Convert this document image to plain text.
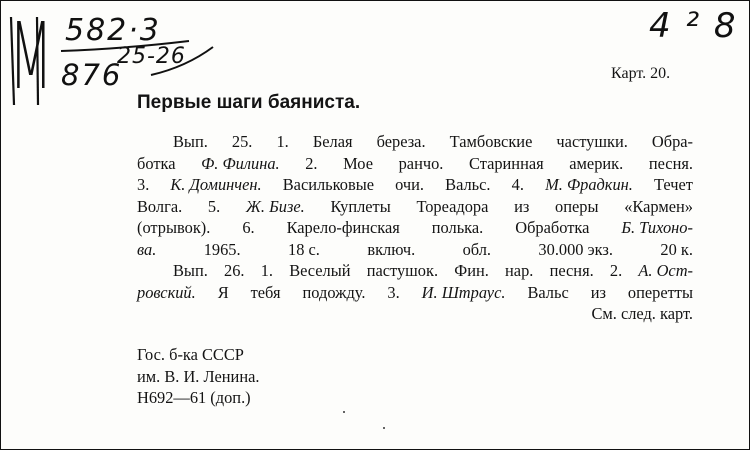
М 582·3
25-26
876
4 ² 8
Карт. 20.
Первые шаги баяниста.
Вып. 25. 1. Белая береза. Тамбовские частушки. Обра-
ботка Ф. Филина. 2. Мое ранчо. Старинная америк. песня.
3. К. Доминчен. Васильковые очи. Вальс. 4. М. Фрадкин. Течет
Волга. 5. Ж. Бизе. Куплеты Тореадора из оперы «Кармен»
(отрывок). 6. Карело-финская полька. Обработка Б. Тихоно-
ва.	1965.	18 с.	включ.	обл.	30.000 экз.	20 к.
Вып. 26. 1. Веселый пастушок. Фин. нар. песня. 2. А. Ост-
ровский. Я тебя подожду. 3. И. Штраус. Вальс из оперетты
См. след. карт.
Гос. б-ка СССР
им. В. И. Ленина.
Н692—61 (доп.)
